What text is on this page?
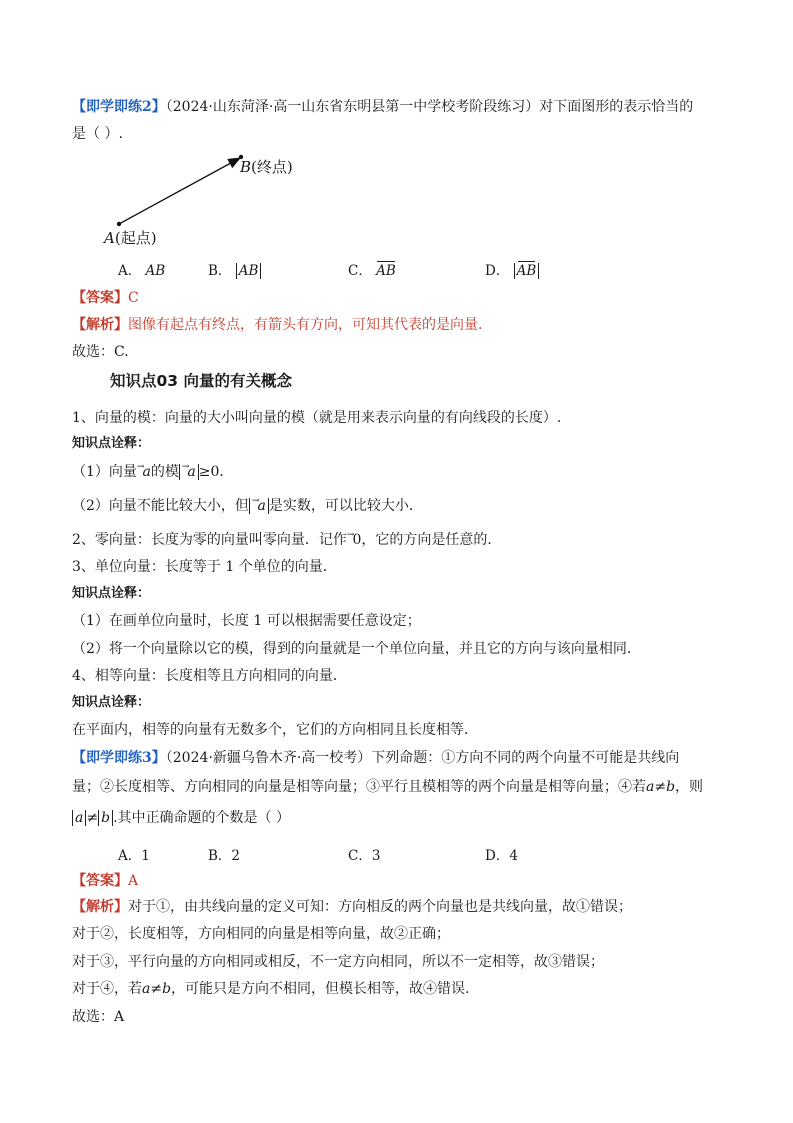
【即学即练2】（2024·山东菏泽·高一山东省东明县第一中学校考阶段练习）对下面图形的表示恰当的
是（ ）.
B(终点)
A(起点)
A． AB	B． AB	C． AB	D． AB
【答案】C
【解析】图像有起点有终点，有箭头有方向，可知其代表的是向量.
故选：C.
知识点03 向量的有关概念
1、向量的模：向量的大小叫向量的模（就是用来表示向量的有向线段的长度）.
知识点诠释：
（1）向量→a的模 →a ≥0．
（2）向量不能比较大小，但 →a 是实数，可以比较大小．
2、零向量：长度为零的向量叫零向量．记作→0，它的方向是任意的．
3、单位向量：长度等于 1 个单位的向量．
知识点诠释：
（1）在画单位向量时，长度 1 可以根据需要任意设定；
（2）将一个向量除以它的模，得到的向量就是一个单位向量，并且它的方向与该向量相同．
4、相等向量：长度相等且方向相同的向量．
知识点诠释：
在平面内，相等的向量有无数多个，它们的方向相同且长度相等．
【即学即练3】（2024·新疆乌鲁木齐·高一校考）下列命题：①方向不同的两个向量不可能是共线向
量；②长度相等、方向相同的向量是相等向量；③平行且模相等的两个向量是相等向量；④若a≠b，则
a ≠ b .其中正确命题的个数是（ ）
A．1	B．2	C．3	D．4
【答案】A
【解析】对于①，由共线向量的定义可知：方向相反的两个向量也是共线向量，故①错误；
对于②，长度相等，方向相同的向量是相等向量，故②正确；
对于③，平行向量的方向相同或相反，不一定方向相同，所以不一定相等，故③错误；
对于④，若a≠b，可能只是方向不相同，但模长相等，故④错误.
故选：A
